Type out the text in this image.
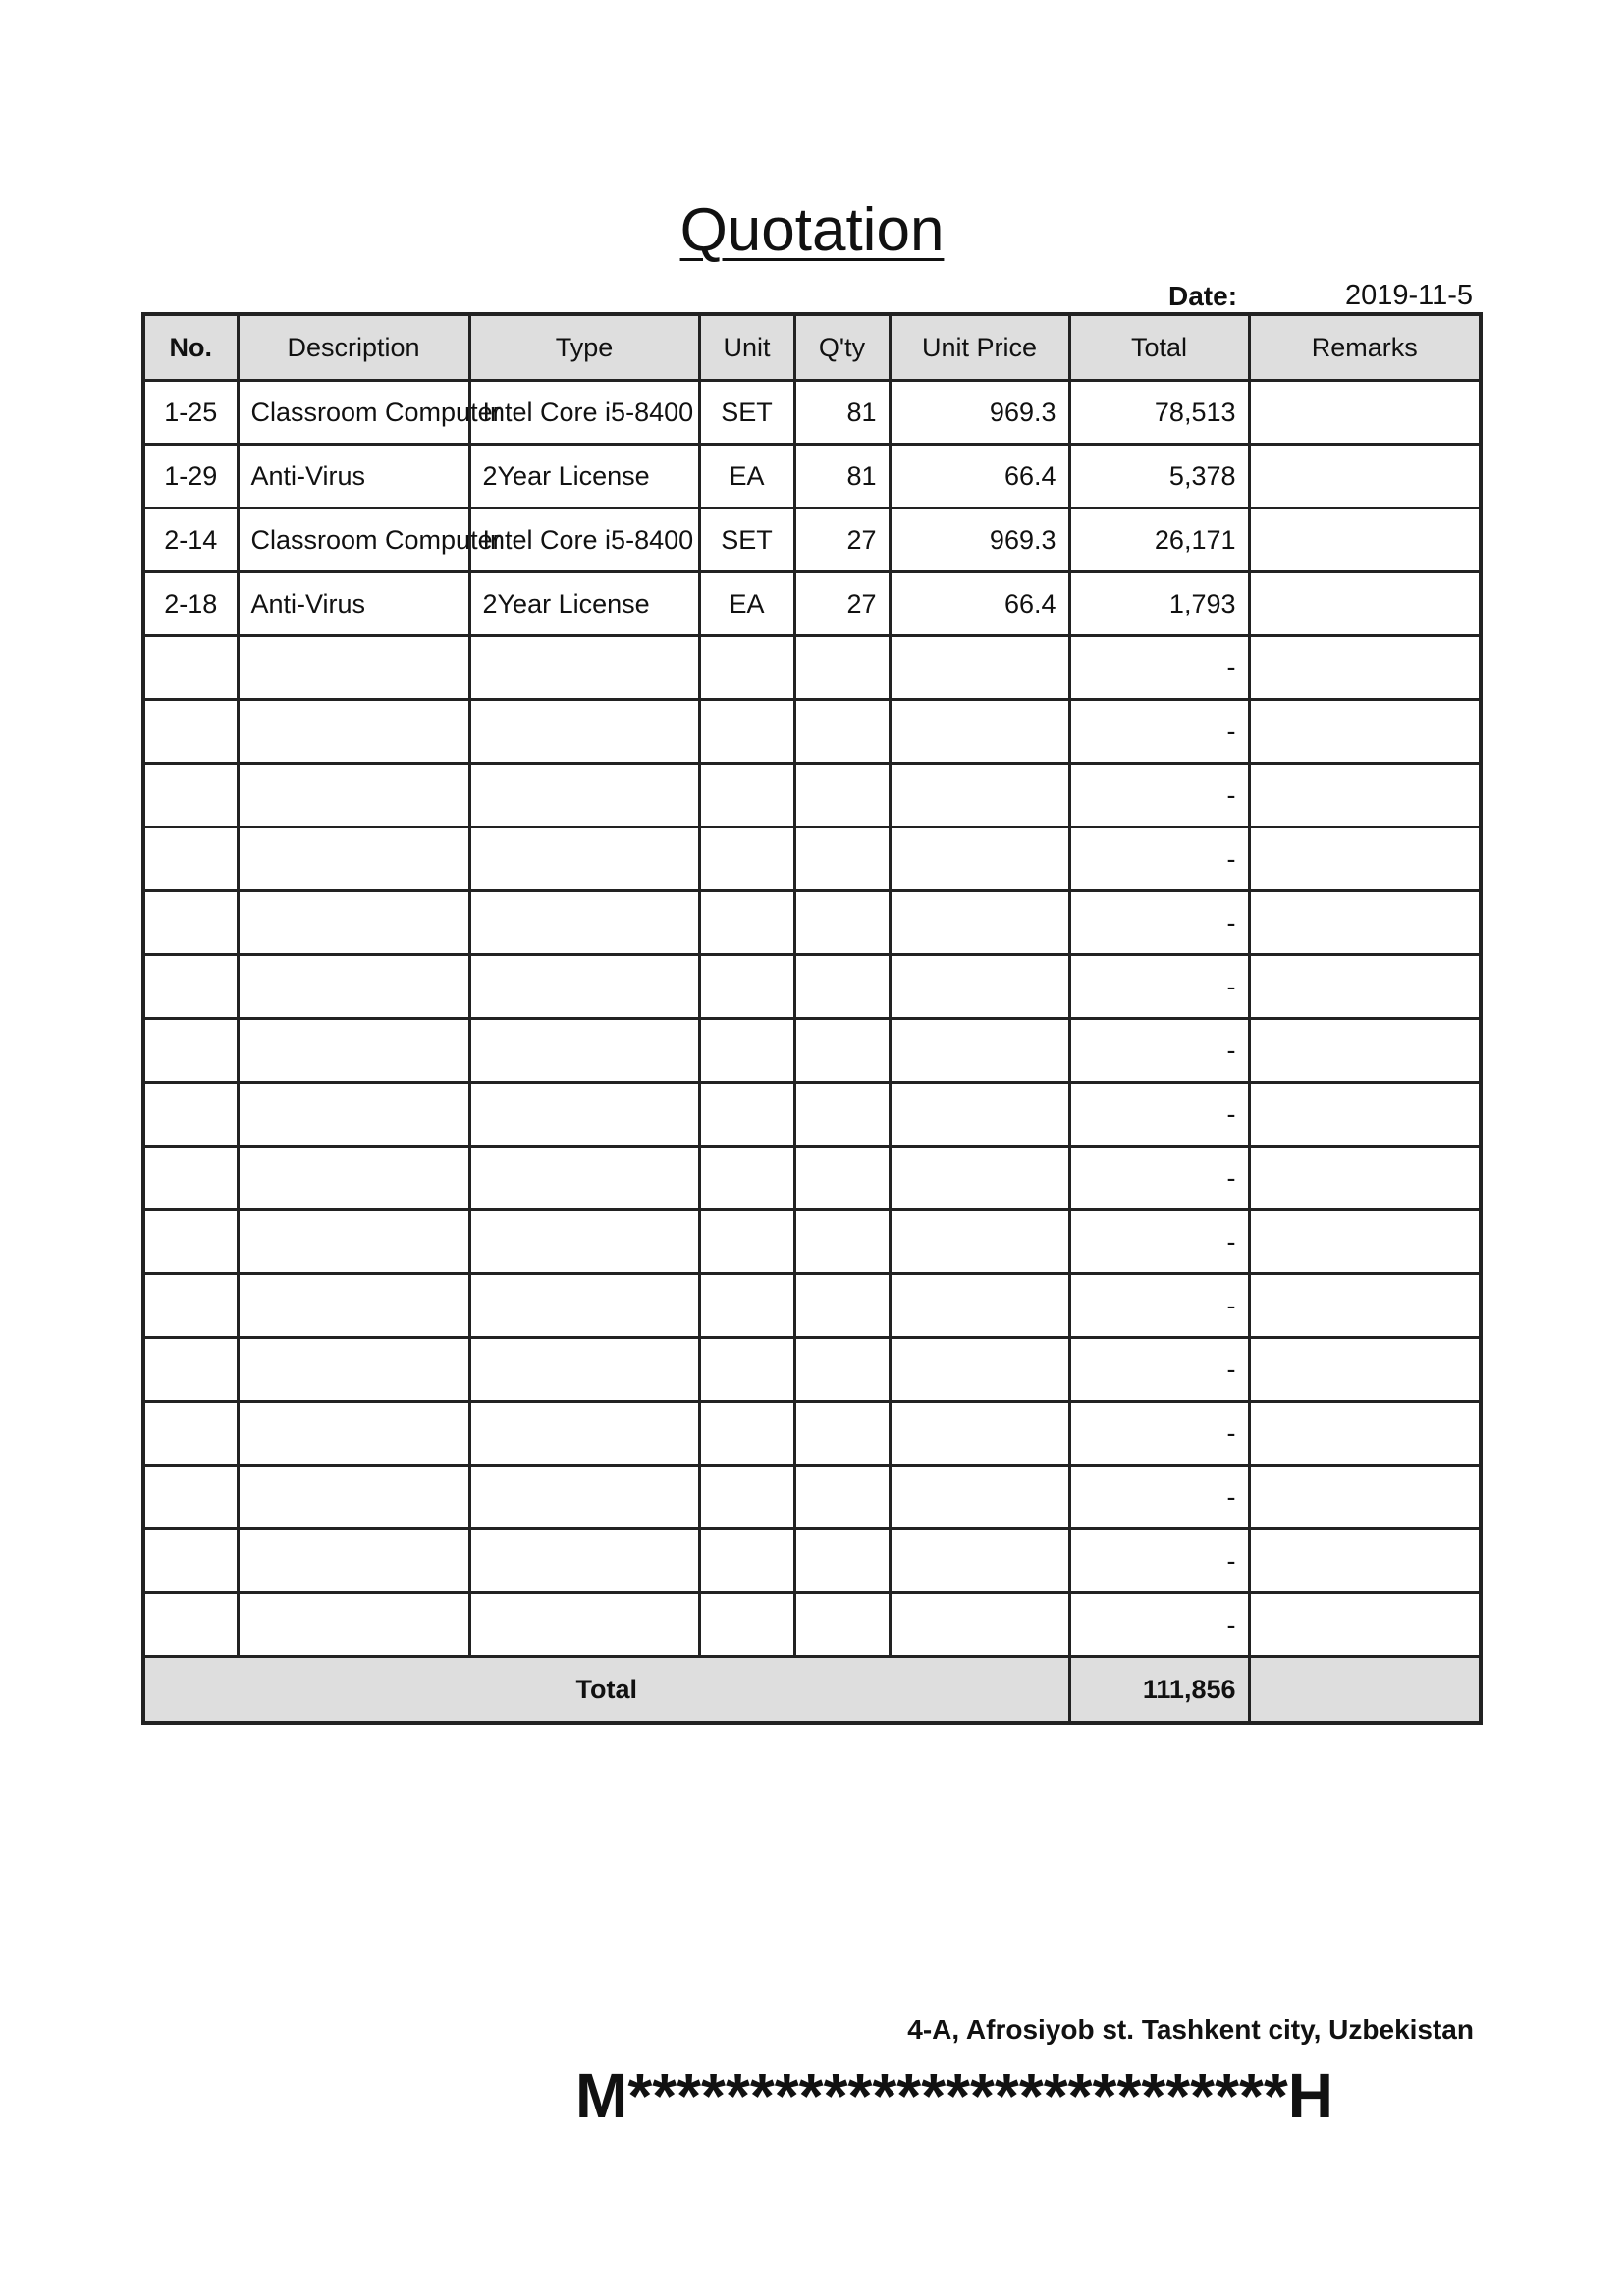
Quotation
Date:	2019-11-5
No.	Description	Type	Unit	Q'ty	Unit Price	Total	Remarks
1-25	Classroom Computer	Intel Core i5-8400	SET	81	969.3	78,513	
1-29	Anti-Virus	2Year License	EA	81	66.4	5,378	
2-14	Classroom Computer	Intel Core i5-8400	SET	27	969.3	26,171	
2-18	Anti-Virus	2Year License	EA	27	66.4	1,793	
						-	
						-	
						-	
						-	
						-	
						-	
						-	
						-	
						-	
						-	
						-	
						-	
						-	
						-	
						-	
						-	
Total						111,856	
4-A, Afrosiyob st. Tashkent city, Uzbekistan
M***************************H
